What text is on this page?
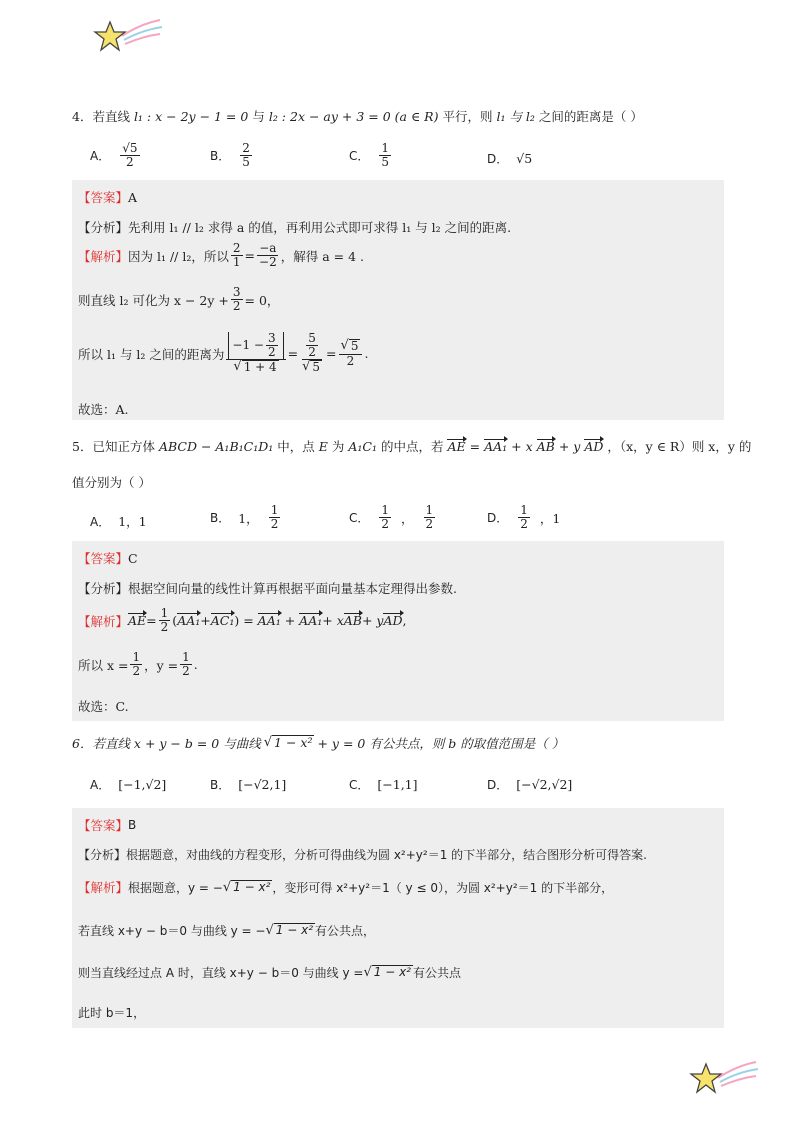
4．若直线 l₁ : x − 2y − 1 = 0 与 l₂ : 2x − ay + 3 = 0 (a ∈ R) 平行，则 l₁ 与 l₂ 之间的距离是（ ）
A． $\frac{√5}{2}$	B． $\frac{2}{5}$	C． $\frac{1}{5}$	D． √5
【答案】 A
【分析】 先利用 l₁ // l₂ 求得 a 的值，再利用公式即可求得 l₁ 与 l₂ 之间的距离.
【解析】 因为 l₁ // l₂，所以 $\frac{2}{1} = \frac{-a}{-2}$ ，解得 a = 4 .
则直线 l₂ 可化为 $x - 2y + \frac{3}{2} = 0$，
所以 l₁ 与 l₂ 之间的距离为 $\frac{-1 - \frac{3}{2}}{√ 1 + 4} = \frac{\frac{5}{2}}{√ 5} = \frac{√ 5}{2}$ .
故选：A.
5．已知正方体 ABCD − A₁B₁C₁D₁ 中，点 E 为 A₁C₁ 的中点，若 AE = AA₁ + x AB + y AD ，（x，y ∈ R）则 x，y 的
值分别为（ ）
A． 1，1	B． 1， $\frac{1}{2}$	C． $\frac{1}{2}$ ， $\frac{1}{2}$	D． $\frac{1}{2}$ ，1
【答案】 C
【分析】 根据空间向量的线性计算再根据平面向量基本定理得出参数.
【解析】 AE = $\frac{1}{2}$ ( AA₁ + AC₁ ) = AA₁ + AA₁ + x AB + y AD ,
所以 $x = \frac{1}{2}$ ，$y = \frac{1}{2}$ .
故选：C.
6．若直线 x + y − b = 0 与曲线 √ 1 − x² + y = 0 有公共点，则 b 的取值范围是（ ）
A． [−1,√2]	B． [−√2,1]	C． [−1,1]	D． [−√2,√2]
【答案】 B
【分析】 根据题意，对曲线的方程变形，分析可得曲线为圆 x²+y²＝1 的下半部分，结合图形分析可得答案.
【解析】 根据题意，y = − √ 1 − x² ，变形可得 x²+y²＝1（ y ≤ 0），为圆 x²+y²＝1 的下半部分，
若直线 x+y − b＝0 与曲线 y = − √ 1 − x² 有公共点，
则当直线经过点 A 时，直线 x+y − b＝0 与曲线 y = √ 1 − x² 有公共点
此时 b＝1，
